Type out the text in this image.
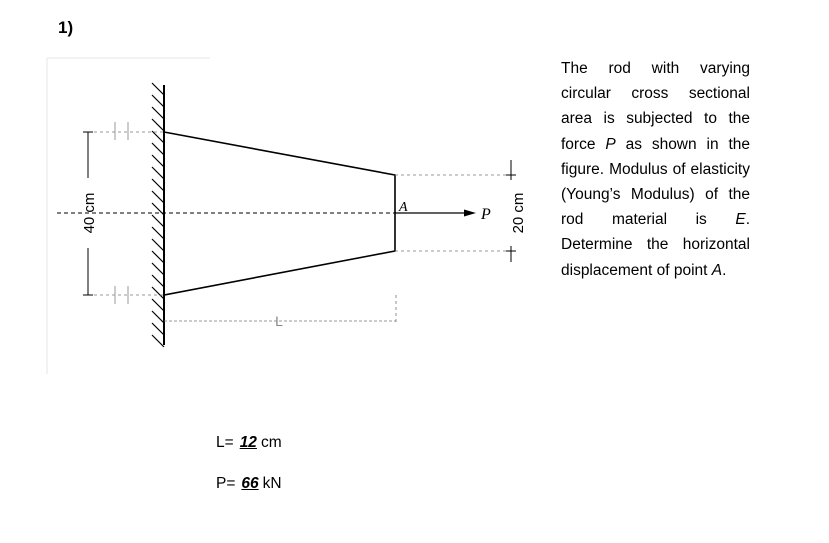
1)
40 cm	20 cm
L
A	P
The rod with varying circular cross sectional area is subjected to the force P as shown in the figure. Modulus of elasticity (Young’s Modulus) of the rod material is E. Determine the horizontal displacement of point A.
L= 12 cm
P= 66 kN
